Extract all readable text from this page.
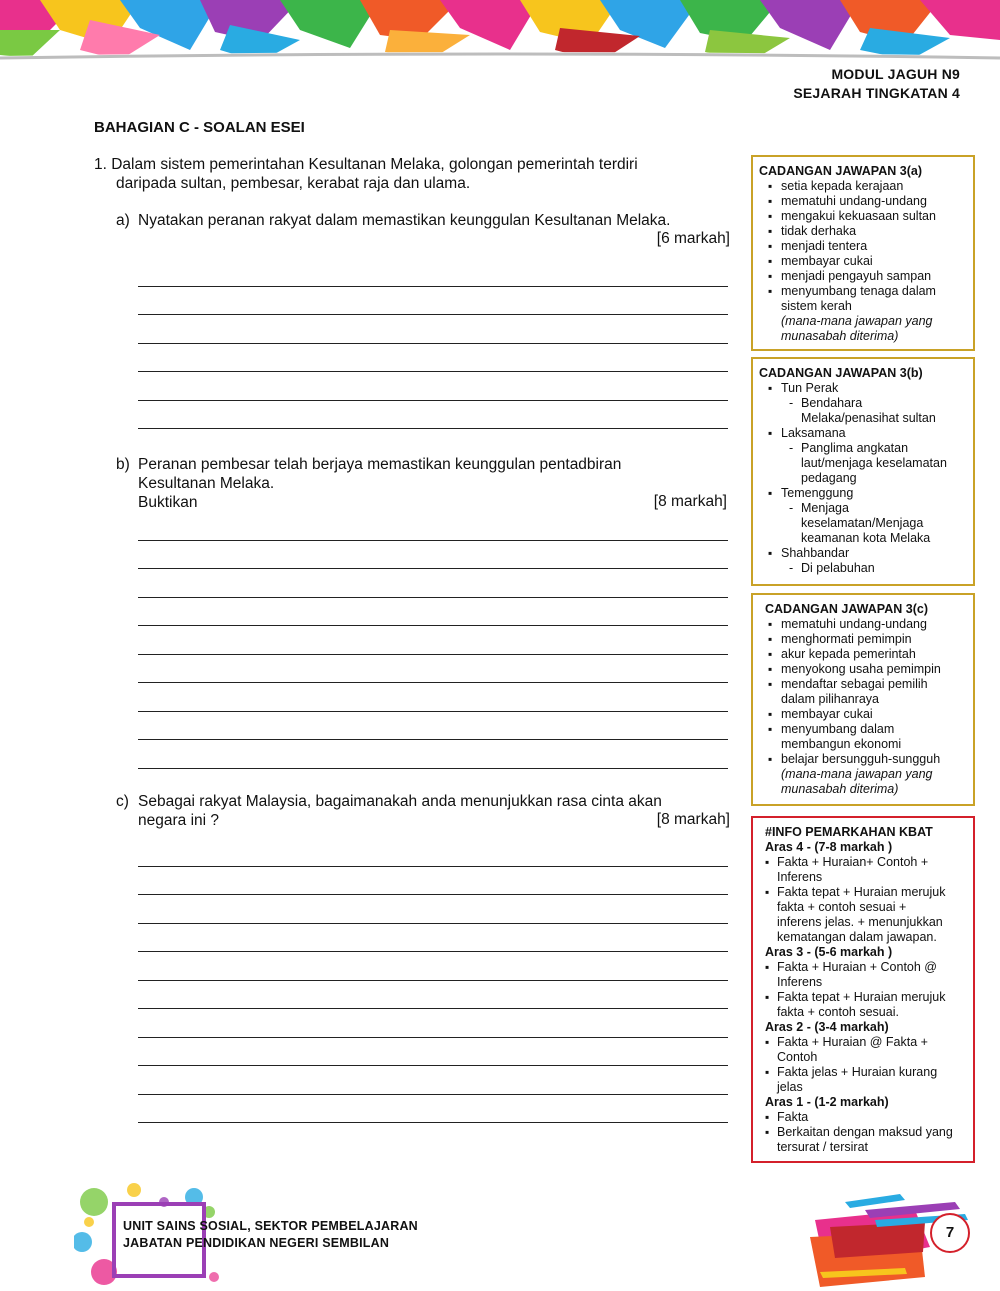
MODUL JAGUH N9
SEJARAH TINGKATAN 4
BAHAGIAN C - SOALAN ESEI
1. Dalam sistem pemerintahan Kesultanan Melaka, golongan pemerintah terdiri
daripada sultan, pembesar, kerabat raja dan ulama.
a) Nyatakan peranan rakyat dalam memastikan keunggulan Kesultanan Melaka.
[6 markah]
b) Peranan pembesar telah berjaya memastikan keunggulan pentadbiran
Kesultanan Melaka.
Buktikan	[8 markah]
c) Sebagai rakyat Malaysia, bagaimanakah anda menunjukkan rasa cinta akan
negara ini ?	[8 markah]
CADANGAN JAWAPAN 3(a)
▪ setia kepada kerajaan
▪ mematuhi undang-undang
▪ mengakui kekuasaan sultan
▪ tidak derhaka
▪ menjadi tentera
▪ membayar cukai
▪ menjadi pengayuh sampan
▪ menyumbang tenaga dalam
sistem kerah
(mana-mana jawapan yang
munasabah diterima)
CADANGAN JAWAPAN 3(b)
▪ Tun Perak
- Bendahara
Melaka/penasihat sultan
▪ Laksamana
- Panglima angkatan
laut/menjaga keselamatan
pedagang
▪ Temenggung
- Menjaga
keselamatan/Menjaga
keamanan kota Melaka
▪ Shahbandar
- Di pelabuhan
CADANGAN JAWAPAN 3(c)
▪ mematuhi undang-undang
▪ menghormati pemimpin
▪ akur kepada pemerintah
▪ menyokong usaha pemimpin
▪ mendaftar sebagai pemilih
dalam pilihanraya
▪ membayar cukai
▪ menyumbang dalam
membangun ekonomi
▪ belajar bersungguh-sungguh
(mana-mana jawapan yang
munasabah diterima)
#INFO PEMARKAHAN KBAT
Aras 4 - (7-8 markah )
▪ Fakta + Huraian+ Contoh +
Inferens
▪ Fakta tepat + Huraian merujuk
fakta + contoh sesuai +
inferens jelas. + menunjukkan
kematangan dalam jawapan.
Aras 3 - (5-6 markah )
▪ Fakta + Huraian + Contoh @
Inferens
▪ Fakta tepat + Huraian merujuk
fakta + contoh sesuai.
Aras 2 - (3-4 markah)
▪ Fakta + Huraian @ Fakta +
Contoh
▪ Fakta jelas + Huraian kurang
jelas
Aras 1 - (1-2 markah)
▪ Fakta
▪ Berkaitan dengan maksud yang
tersurat / tersirat
UNIT SAINS SOSIAL, SEKTOR PEMBELAJARAN
JABATAN PENDIDIKAN NEGERI SEMBILAN
7
